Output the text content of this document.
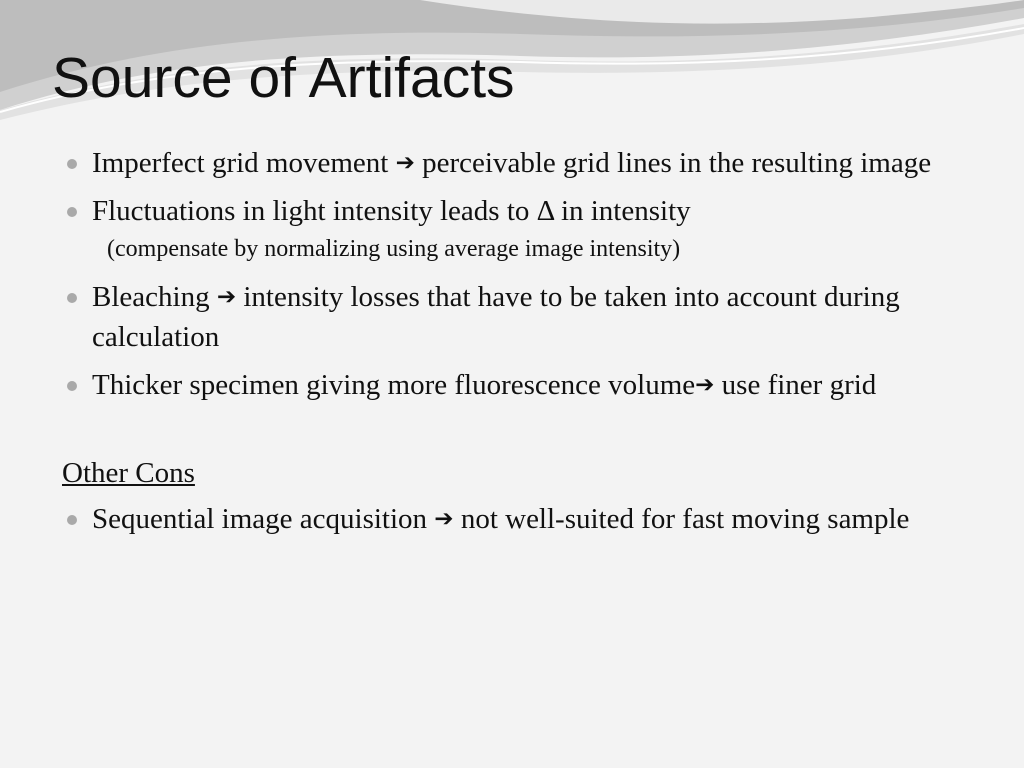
Source of Artifacts
Imperfect grid movement ➔ perceivable grid lines in the resulting image
Fluctuations in light intensity leads to Δ in intensity
(compensate by normalizing using average image intensity)
Bleaching ➔ intensity losses that have to be taken into account during calculation
Thicker specimen giving more fluorescence volume➔ use finer grid
Other Cons
Sequential image acquisition ➔ not well-suited for fast moving sample
